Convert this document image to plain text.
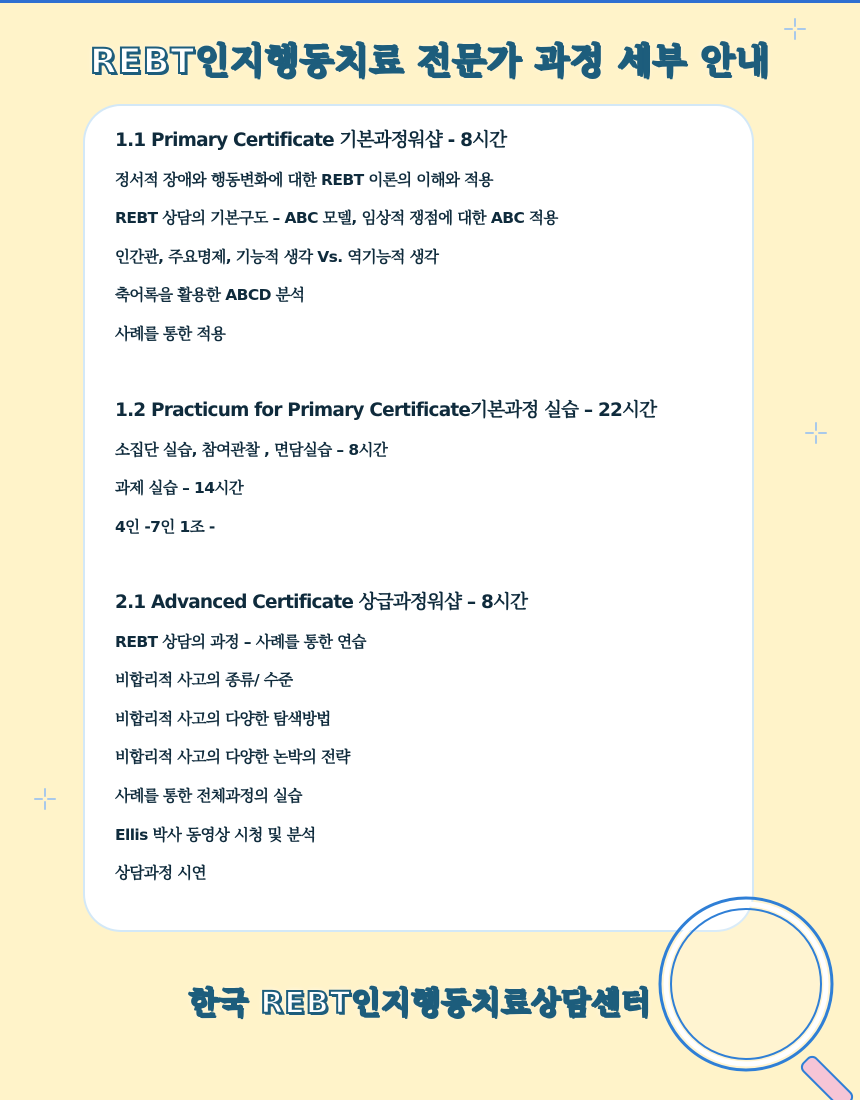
REBT인지행동치료 전문가 과정 세부 안내
1.1 Primary Certificate 기본과정워샵 - 8시간
정서적 장애와 행동변화에 대한 REBT 이론의 이해와 적용
REBT 상담의 기본구도 – ABC 모델, 임상적 쟁점에 대한 ABC 적용
인간관, 주요명제, 기능적 생각 Vs. 역기능적 생각
축어록을 활용한 ABCD 분석
사례를 통한 적용
1.2 Practicum for Primary Certificate기본과정 실습 – 22시간
소집단 실습, 참여관찰 , 면담실습 – 8시간
과제 실습 – 14시간
4인 -7인 1조 -
2.1 Advanced Certificate 상급과정워샵 – 8시간
REBT 상담의 과정 – 사례를 통한 연습
비합리적 사고의 종류/ 수준
비합리적 사고의 다양한 탐색방법
비합리적 사고의 다양한 논박의 전략
사례를 통한 전체과정의 실습
Ellis 박사 동영상 시청 및 분석
상담과정 시연
한국 REBT인지행동치료상담센터
